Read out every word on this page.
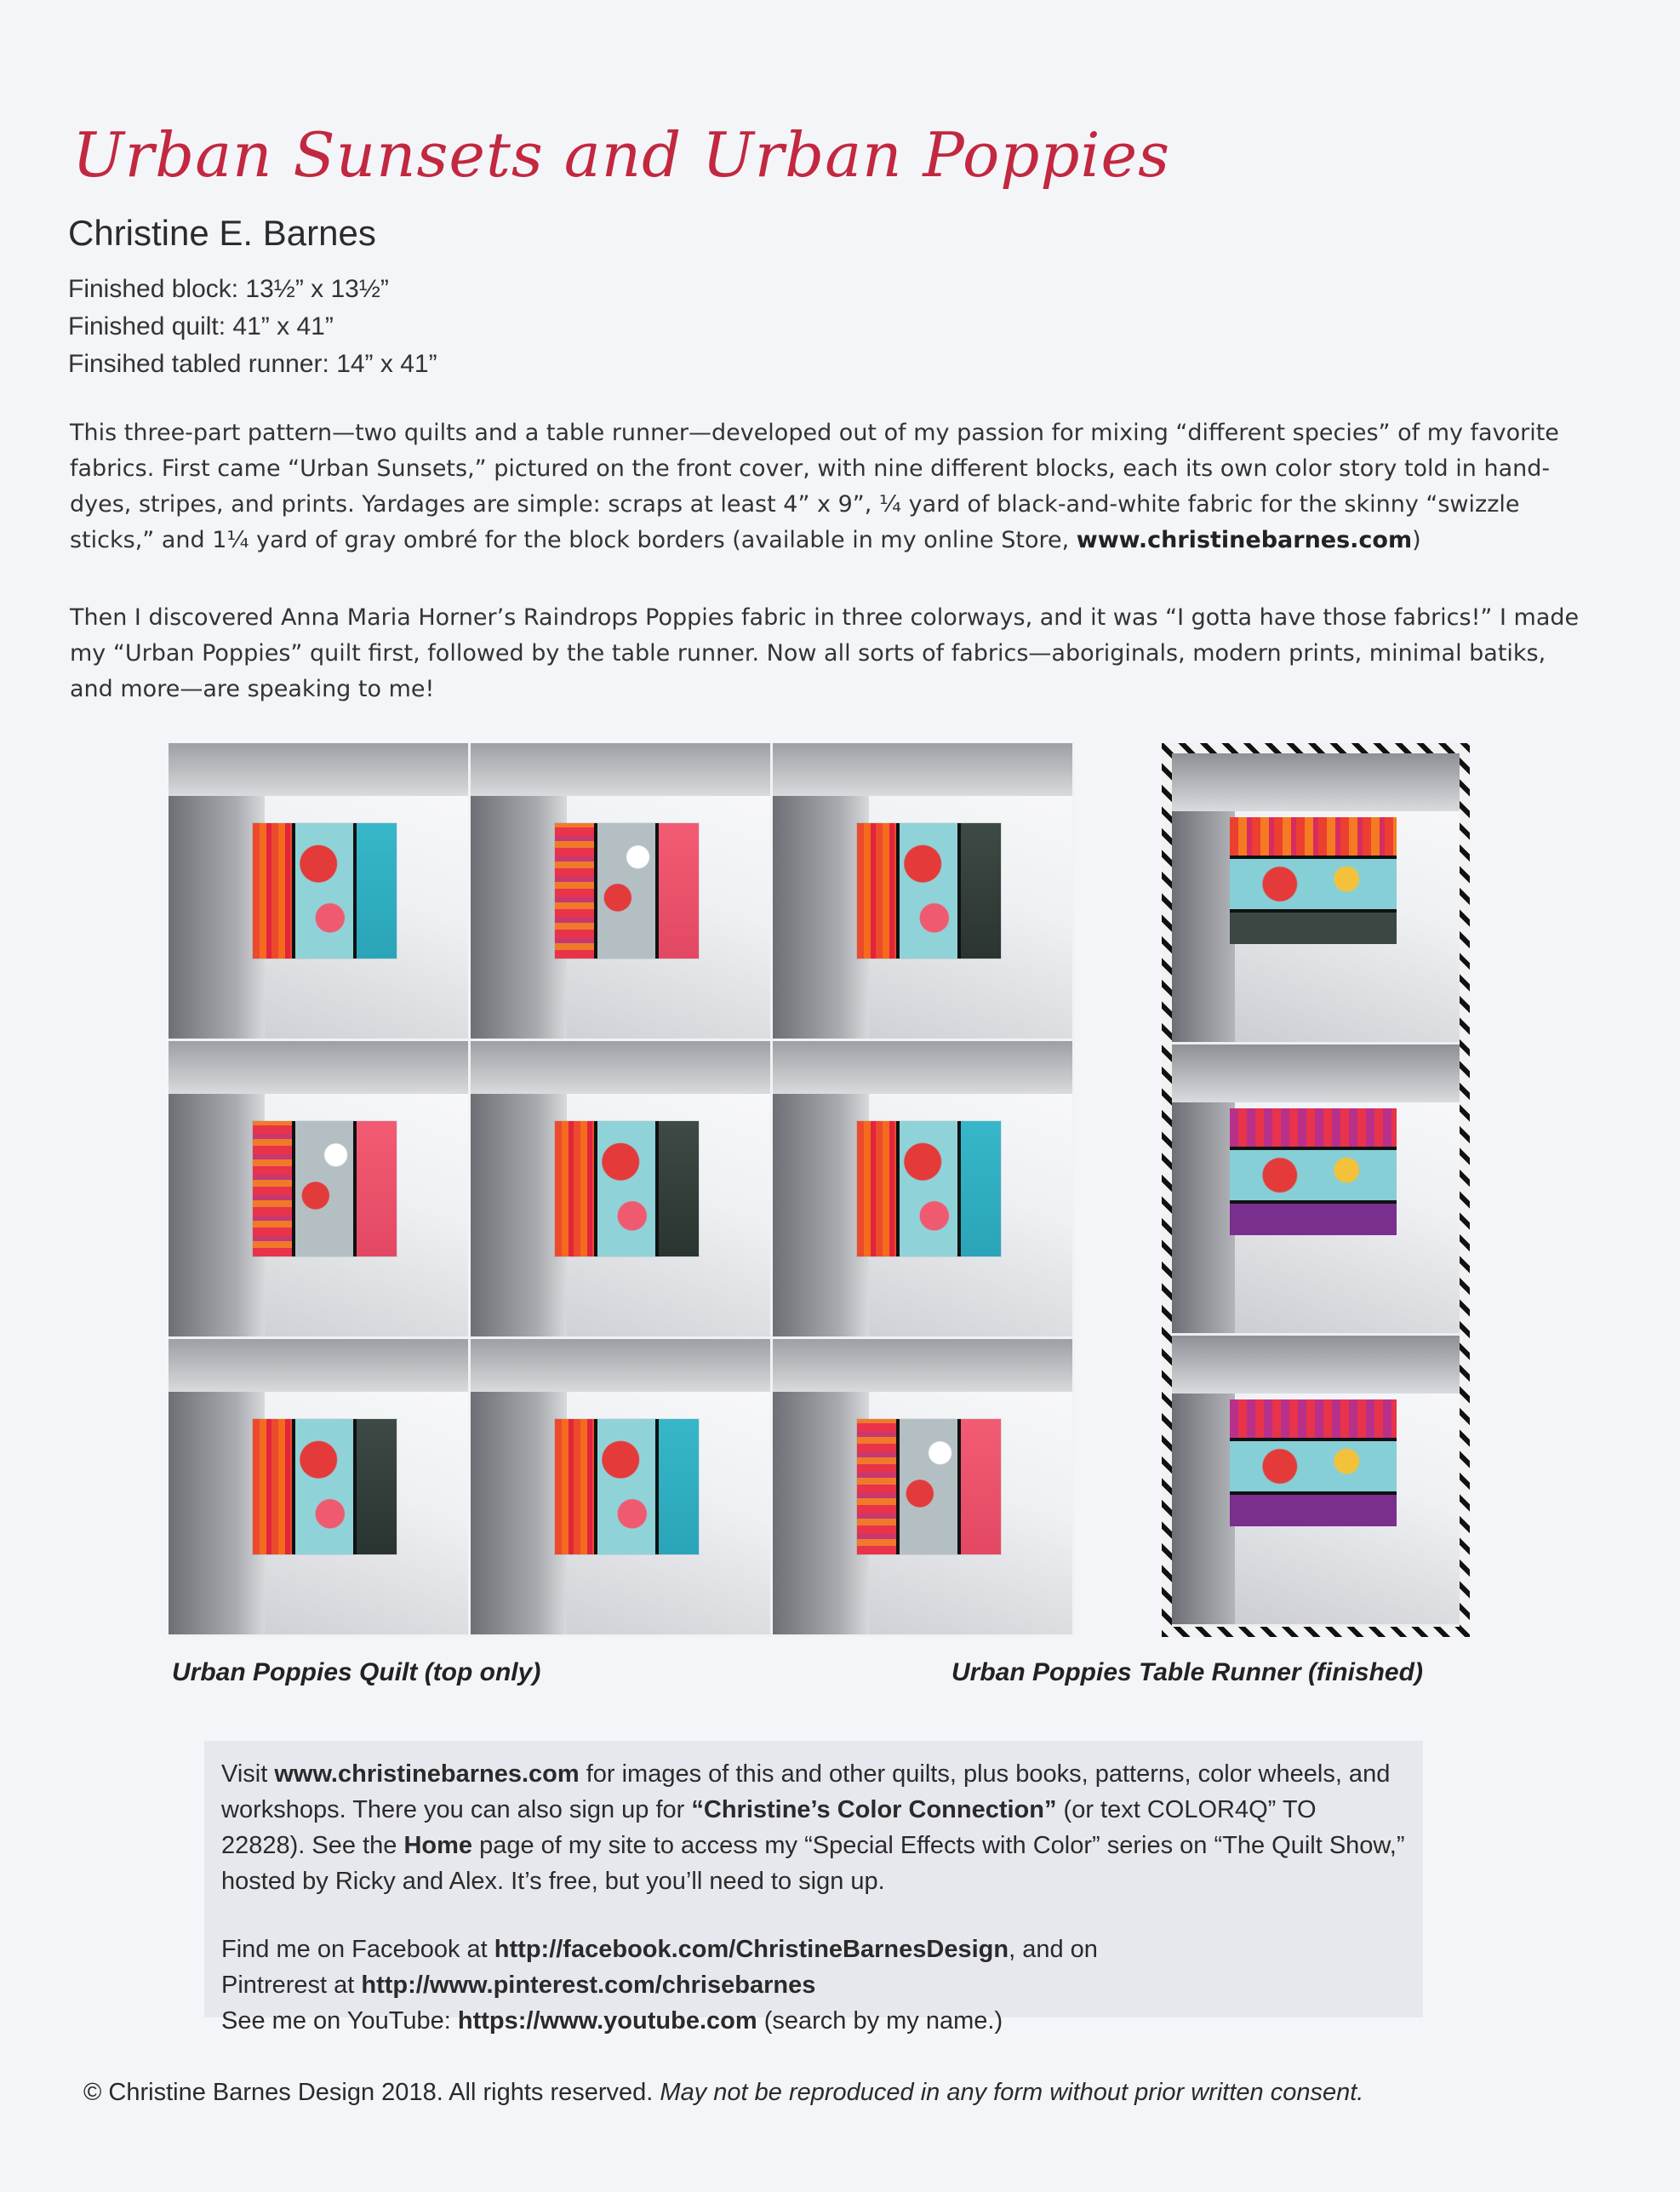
Urban Sunsets and Urban Poppies
Christine E. Barnes
Finished block: 13½” x 13½”
Finished quilt: 41” x 41”
Finsihed tabled runner: 14” x 41”
This three-part pattern—two quilts and a table runner—developed out of my passion for mixing “different species” of my favorite fabrics. First came “Urban Sunsets,” pictured on the front cover, with nine different blocks, each its own color story told in hand-dyes, stripes, and prints. Yardages are simple: scraps at least 4” x 9”, ¼ yard of black-and-white fabric for the skinny “swizzle sticks,” and 1¼ yard of gray ombré for the block borders (available in my online Store, www.christinebarnes.com)
Then I discovered Anna Maria Horner’s Raindrops Poppies fabric in three colorways, and it was “I gotta have those fabrics!” I made my “Urban Poppies” quilt first, followed by the table runner. Now all sorts of fabrics—aboriginals, modern prints, minimal batiks, and more—are speaking to me!
Urban Poppies Quilt (top only)	Urban Poppies Table Runner (finished)

Visit www.christinebarnes.com for images of this and other quilts, plus books, patterns, color wheels, and workshops. There you can also sign up for “Christine’s Color Connection” (or text COLOR4Q” TO 22828). See the Home page of my site to access my “Special Effects with Color” series on “The Quilt Show,” hosted by Ricky and Alex. It’s free, but you’ll need to sign up.

Find me on Facebook at http://facebook.com/ChristineBarnesDesign, and on

Pintrerest at http://www.pinterest.com/chrisebarnes

See me on YouTube: https://www.youtube.com (search by my name.)

© Christine Barnes Design 2018. All rights reserved. May not be reproduced in any form without prior written consent.
